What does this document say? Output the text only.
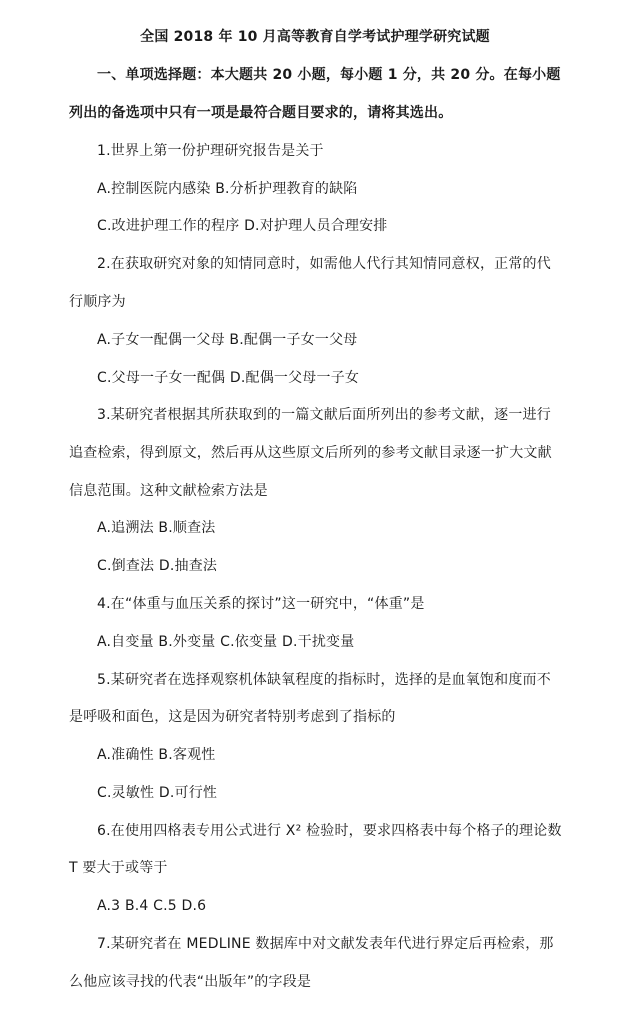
全国 2018 年 10 月高等教育自学考试护理学研究试题
一、单项选择题：本大题共 20 小题，每小题 1 分，共 20 分。在每小题
列出的备选项中只有一项是最符合题目要求的，请将其选出。
1.世界上第一份护理研究报告是关于
A.控制医院内感染 B.分析护理教育的缺陷
C.改进护理工作的程序 D.对护理人员合理安排
2.在获取研究对象的知情同意时，如需他人代行其知情同意权，正常的代
行顺序为
A.子女一配偶一父母 B.配偶一子女一父母
C.父母一子女一配偶 D.配偶一父母一子女
3.某研究者根据其所获取到的一篇文献后面所列出的参考文献，逐一进行
追查检索，得到原文，然后再从这些原文后所列的参考文献目录逐一扩大文献
信息范围。这种文献检索方法是
A.追溯法 B.顺查法
C.倒查法 D.抽查法
4.在“体重与血压关系的探讨”这一研究中，“体重”是
A.自变量 B.外变量 C.依变量 D.干扰变量
5.某研究者在选择观察机体缺氧程度的指标时，选择的是血氧饱和度而不
是呼吸和面色，这是因为研究者特别考虑到了指标的
A.准确性 B.客观性
C.灵敏性 D.可行性
6.在使用四格表专用公式进行 X² 检验时，要求四格表中每个格子的理论数
T 要大于或等于
A.3 B.4 C.5 D.6
7.某研究者在 MEDLINE 数据库中对文献发表年代进行界定后再检索，那
么他应该寻找的代表“出版年”的字段是
